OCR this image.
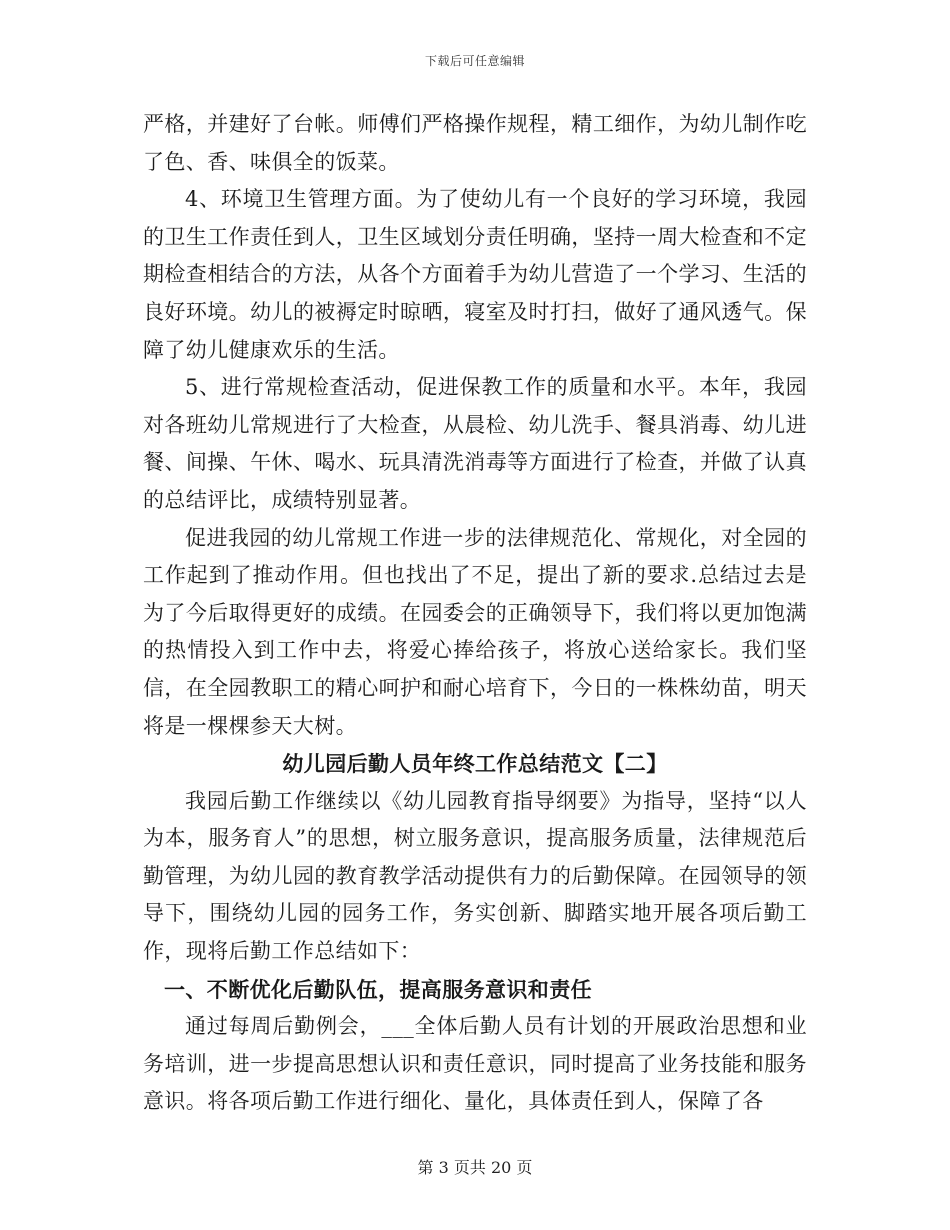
下载后可任意编辑

严格，并建好了台帐。师傅们严格操作规程，精工细作，为幼儿制作吃了色、香、味俱全的饭菜。

4、环境卫生管理方面。为了使幼儿有一个良好的学习环境，我园的卫生工作责任到人，卫生区域划分责任明确，坚持一周大检查和不定期检查相结合的方法，从各个方面着手为幼儿营造了一个学习、生活的良好环境。幼儿的被褥定时晾晒，寝室及时打扫，做好了通风透气。保障了幼儿健康欢乐的生活。

5、进行常规检查活动，促进保教工作的质量和水平。本年，我园对各班幼儿常规进行了大检查，从晨检、幼儿洗手、餐具消毒、幼儿进餐、间操、午休、喝水、玩具清洗消毒等方面进行了检查，并做了认真的总结评比，成绩特别显著。

促进我园的幼儿常规工作进一步的法律规范化、常规化，对全园的工作起到了推动作用。但也找出了不足，提出了新的要求.总结过去是为了今后取得更好的成绩。在园委会的正确领导下，我们将以更加饱满的热情投入到工作中去，将爱心捧给孩子，将放心送给家长。我们坚信，在全园教职工的精心呵护和耐心培育下，今日的一株株幼苗，明天将是一棵棵参天大树。

幼儿园后勤人员年终工作总结范文【二】

我园后勤工作继续以《幼儿园教育指导纲要》为指导，坚持“以人为本，服务育人”的思想，树立服务意识，提高服务质量，法律规范后勤管理，为幼儿园的教育教学活动提供有力的后勤保障。在园领导的领导下，围绕幼儿园的园务工作，务实创新、脚踏实地开展各项后勤工作，现将后勤工作总结如下：

一、不断优化后勤队伍，提高服务意识和责任

通过每周后勤例会，___全体后勤人员有计划的开展政治思想和业务培训，进一步提高思想认识和责任意识，同时提高了业务技能和服务意识。将各项后勤工作进行细化、量化，具体责任到人，保障了各

第 3 页共 20 页
